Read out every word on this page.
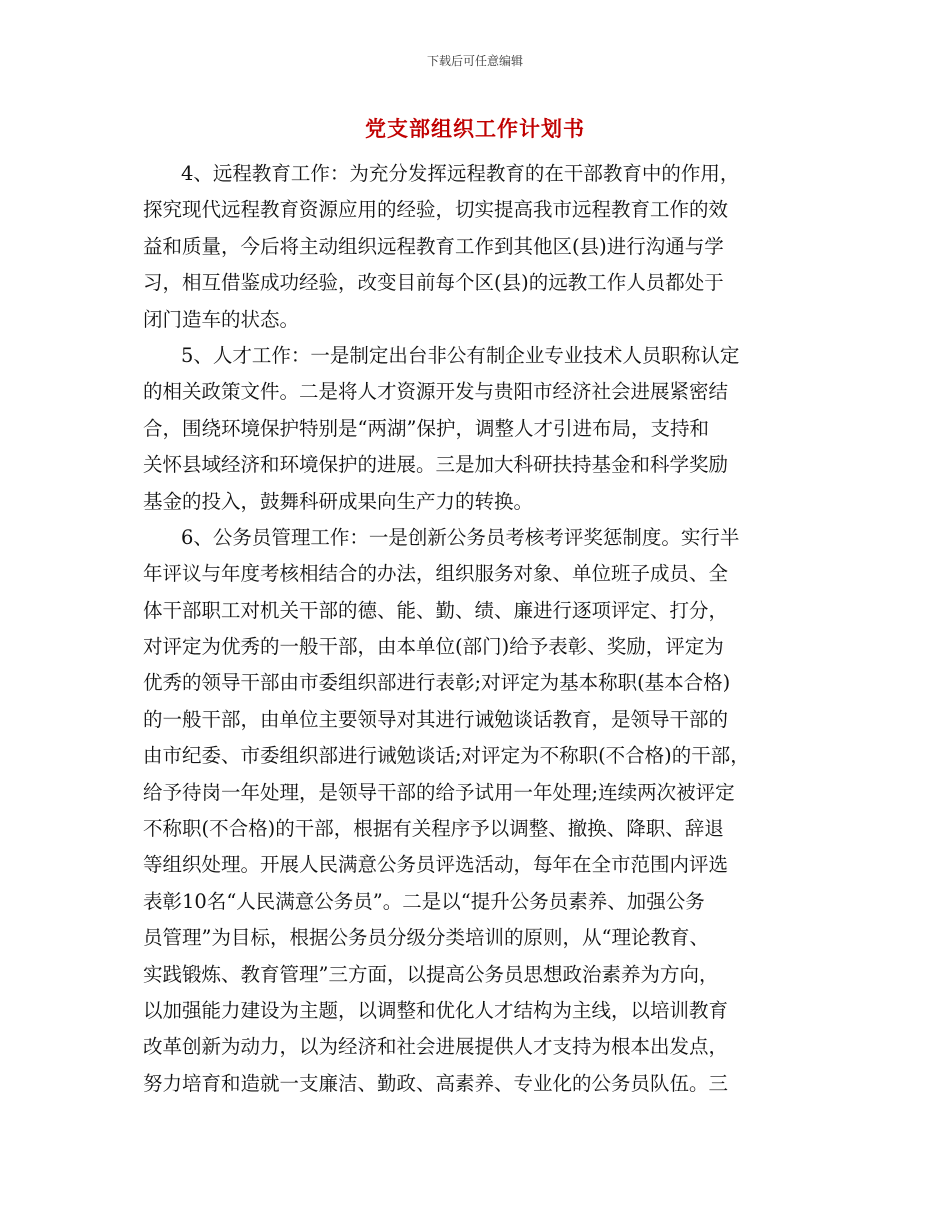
下载后可任意编辑
党支部组织工作计划书
4、远程教育工作：为充分发挥远程教育的在干部教育中的作用，
探究现代远程教育资源应用的经验，切实提高我市远程教育工作的效
益和质量，今后将主动组织远程教育工作到其他区(县)进行沟通与学
习，相互借鉴成功经验，改变目前每个区(县)的远教工作人员都处于
闭门造车的状态。
5、人才工作：一是制定出台非公有制企业专业技术人员职称认定
的相关政策文件。二是将人才资源开发与贵阳市经济社会进展紧密结
合，围绕环境保护特别是“两湖”保护，调整人才引进布局，支持和
关怀县域经济和环境保护的进展。三是加大科研扶持基金和科学奖励
基金的投入，鼓舞科研成果向生产力的转换。
6、公务员管理工作：一是创新公务员考核考评奖惩制度。实行半
年评议与年度考核相结合的办法，组织服务对象、单位班子成员、全
体干部职工对机关干部的德、能、勤、绩、廉进行逐项评定、打分，
对评定为优秀的一般干部，由本单位(部门)给予表彰、奖励，评定为
优秀的领导干部由市委组织部进行表彰;对评定为基本称职(基本合格)
的一般干部，由单位主要领导对其进行诫勉谈话教育，是领导干部的
由市纪委、市委组织部进行诫勉谈话;对评定为不称职(不合格)的干部，
给予待岗一年处理，是领导干部的给予试用一年处理;连续两次被评定
不称职(不合格)的干部，根据有关程序予以调整、撤换、降职、辞退
等组织处理。开展人民满意公务员评选活动，每年在全市范围内评选
表彰10名“人民满意公务员”。二是以“提升公务员素养、加强公务
员管理”为目标，根据公务员分级分类培训的原则，从“理论教育、
实践锻炼、教育管理”三方面，以提高公务员思想政治素养为方向，
以加强能力建设为主题，以调整和优化人才结构为主线，以培训教育
改革创新为动力，以为经济和社会进展提供人才支持为根本出发点，
努力培育和造就一支廉洁、勤政、高素养、专业化的公务员队伍。三
